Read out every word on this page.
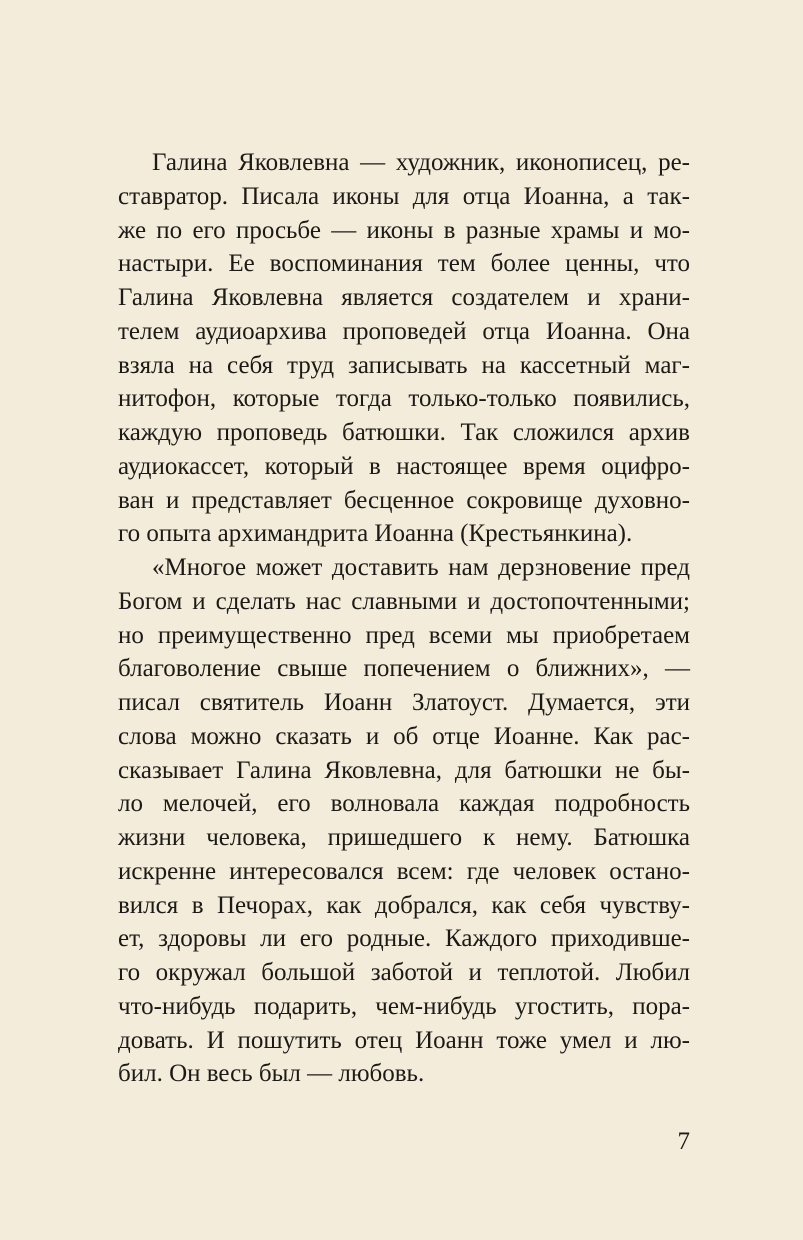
Галина Яковлевна — художник, иконописец, ре-
ставратор. Писала иконы для отца Иоанна, а так-
же по его просьбе — иконы в разные храмы и мо-
настыри. Ее воспоминания тем более ценны, что
Галина Яковлевна является создателем и храни-
телем аудиоархива проповедей отца Иоанна. Она
взяла на себя труд записывать на кассетный маг-
нитофон, которые тогда только-только появились,
каждую проповедь батюшки. Так сложился архив
аудиокассет, который в настоящее время оцифро-
ван и представляет бесценное сокровище духовно-
го опыта архимандрита Иоанна (Крестьянкина).
«Многое может доставить нам дерзновение пред
Богом и сделать нас славными и достопочтенными;
но преимущественно пред всеми мы приобретаем
благоволение свыше попечением о ближних», —
писал святитель Иоанн Златоуст. Думается, эти
слова можно сказать и об отце Иоанне. Как рас-
сказывает Галина Яковлевна, для батюшки не бы-
ло мелочей, его волновала каждая подробность
жизни человека, пришедшего к нему. Батюшка
искренне интересовался всем: где человек остано-
вился в Печорах, как добрался, как себя чувству-
ет, здоровы ли его родные. Каждого приходивше-
го окружал большой заботой и теплотой. Любил
что-нибудь подарить, чем-нибудь угостить, пора-
довать. И пошутить отец Иоанн тоже умел и лю-
бил. Он весь был — любовь.
7
